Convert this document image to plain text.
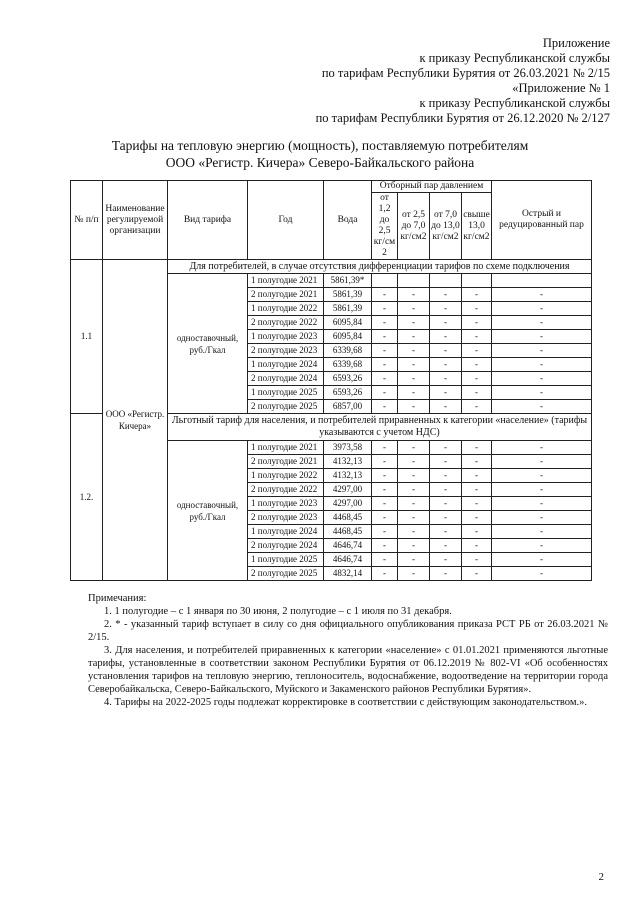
Приложение
к приказу Республиканской службы
по тарифам Республики Бурятия от 26.03.2021 № 2/15
«Приложение № 1
к приказу Республиканской службы
по тарифам Республики Бурятия от 26.12.2020 № 2/127
Тарифы на тепловую энергию (мощность), поставляемую потребителям
ООО «Регистр. Кичера» Северо-Байкальского района
№ п/п	Наименование регулируемой организации	Вид тарифа	Год	Вода	Отборный пар давлением				Острый и редуцированный пар
					от 1,2 до 2,5 кг/см 2	от 2,5 до 7,0 кг/см2	от 7,0 до 13,0 кг/см2	свыше 13,0 кг/см2	
1.1	ООО «Регистр. Кичера»	Для потребителей, в случае отсутствия дифференциации тарифов по схеме подключения							
		одноставочный, руб./Гкал	1 полугодие 2021	5861,39*					
			2 полугодие 2021	5861,39	-	-	-	-	-
			1 полугодие 2022	5861,39	-	-	-	-	-
			2 полугодие 2022	6095,84	-	-	-	-	-
			1 полугодие 2023	6095,84	-	-	-	-	-
			2 полугодие 2023	6339,68	-	-	-	-	-
			1 полугодие 2024	6339,68	-	-	-	-	-
			2 полугодие 2024	6593,26	-	-	-	-	-
			1 полугодие 2025	6593,26	-	-	-	-	-
			2 полугодие 2025	6857,00	-	-	-	-	-
1.2.		Льготный тариф для населения, и потребителей приравненных к категории «население» (тарифы указываются с учетом НДС)							
		одноставочный, руб./Гкал	1 полугодие 2021	3973,58	-	-	-	-	-
			2 полугодие 2021	4132,13	-	-	-	-	-
			1 полугодие 2022	4132,13	-	-	-	-	-
			2 полугодие 2022	4297,00	-	-	-	-	-
			1 полугодие 2023	4297,00	-	-	-	-	-
			2 полугодие 2023	4468,45	-	-	-	-	-
			1 полугодие 2024	4468,45	-	-	-	-	-
			2 полугодие 2024	4646,74	-	-	-	-	-
			1 полугодие 2025	4646,74	-	-	-	-	-
			2 полугодие 2025	4832,14	-	-	-	-	-

Примечания:

1. 1 полугодие – с 1 января по 30 июня, 2 полугодие – с 1 июля по 31 декабря.

2. * - указанный тариф вступает в силу со дня официального опубликования приказа РСТ РБ от 26.03.2021 № 2/15.

3. Для населения, и потребителей приравненных к категории «население» с 01.01.2021 применяются льготные тарифы, установленные в соответствии законом Республики Бурятия от 06.12.2019 № 802-VI «Об особенностях установления тарифов на тепловую энергию, теплоноситель, водоснабжение, водоотведение на территории города Северобайкальска, Северо-Байкальского, Муйского и Закаменского районов Республики Бурятия».

4. Тарифы на 2022-2025 годы подлежат корректировке в соответствии с действующим законодательством.».

2
